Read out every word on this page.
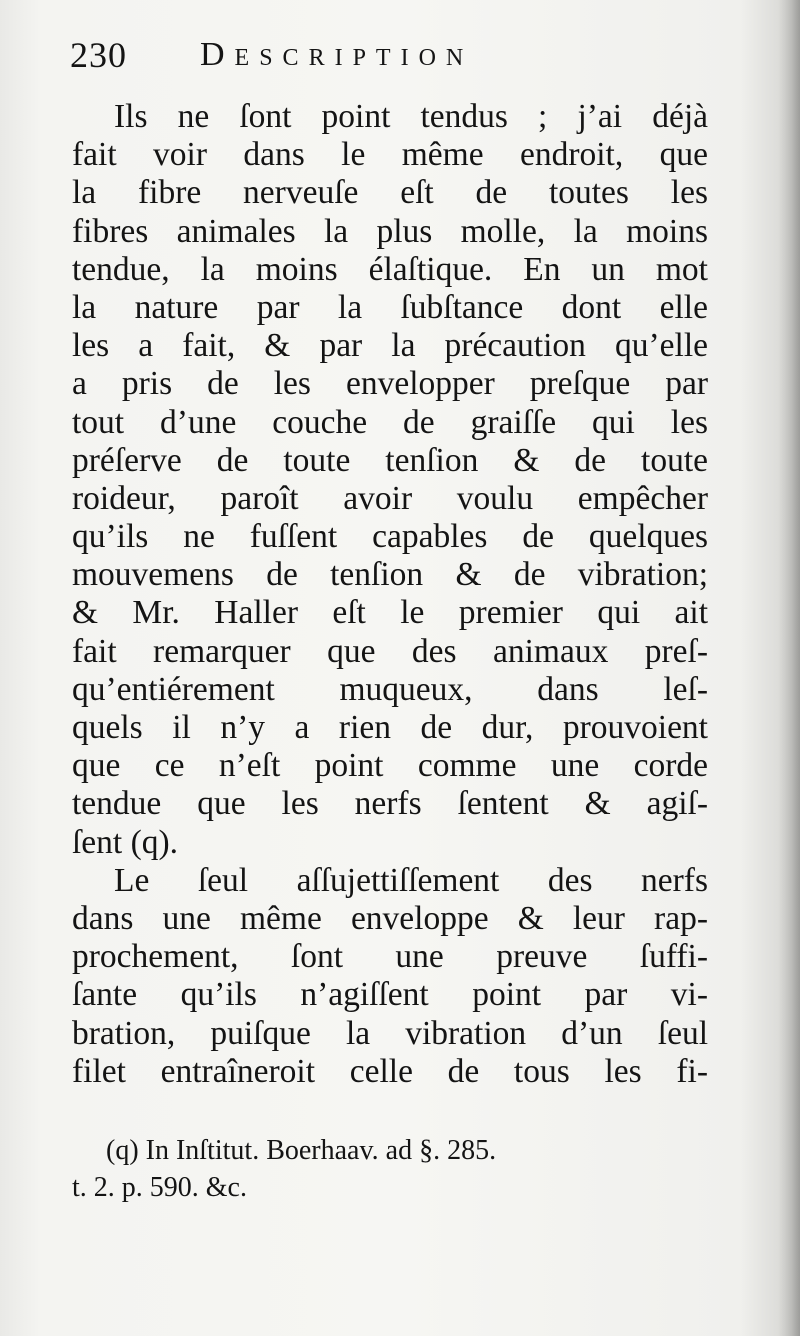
230 Description
Ils ne ſont point tendus ; j’ai déjà
fait voir dans le même endroit, que
la fibre nerveuſe eſt de toutes les
fibres animales la plus molle, la moins
tendue, la moins élaſtique. En un mot
la nature par la ſubſtance dont elle
les a fait, & par la précaution qu’elle
a pris de les envelopper preſque par
tout d’une couche de graiſſe qui les
préſerve de toute tenſion & de toute
roideur, paroît avoir voulu empêcher
qu’ils ne fuſſent capables de quelques
mouvemens de tenſion & de vibration;
& Mr. Haller eſt le premier qui ait
fait remarquer que des animaux preſ-
qu’entiérement muqueux, dans leſ-
quels il n’y a rien de dur, prouvoient
que ce n’eſt point comme une corde
tendue que les nerfs ſentent & agiſ-
ſent (q).
Le ſeul aſſujettiſſement des nerfs
dans une même enveloppe & leur rap-
prochement, ſont une preuve ſuffi-
ſante qu’ils n’agiſſent point par vi-
bration, puiſque la vibration d’un ſeul
filet entraîneroit celle de tous les fi-
(q) In Inſtitut. Boerhaav. ad §. 285.
t. 2. p. 590. &c.
